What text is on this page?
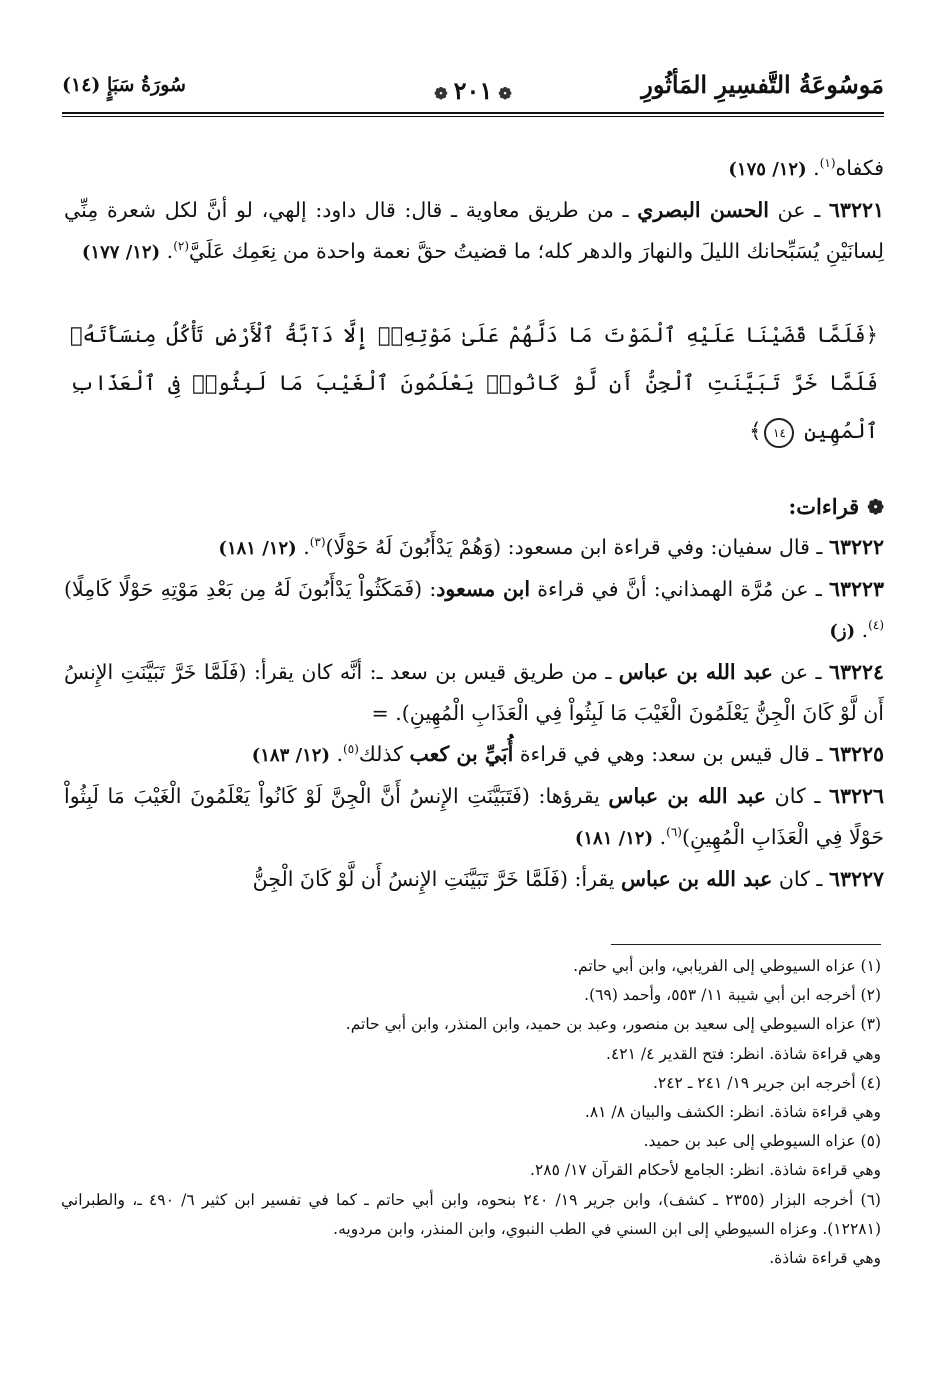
مَوسُوعَةُ التَّفسِيرِ المَأثُورِ
❁٢٠١❁
سُورَةُ سَبَإٍ (١٤)

فكفاه$^{(١)}$. (١٢/ ١٧٥)

٦٣٢٢١ ـ عن الحسن البصري ـ من طريق معاوية ـ قال: قال داود: إلهي، لو أنَّ لكل شعرة مِنِّي لِسانَيْنِ يُسَبِّحانك الليلَ والنهارَ والدهر كله؛ ما قضيتُ حقَّ نعمة واحدة من نِعَمِك عَلَيَّ$^{(٢)}$. (١٢/ ١٧٧)

﴿فَلَمَّا قَضَيْنَا عَلَيْهِ ٱلْمَوْتَ مَا دَلَّهُمْ عَلَىٰ مَوْتِهِۦٓ إِلَّا دَآبَّةُ ٱلْأَرْضِ تَأْكُلُ مِنسَأَتَهُۥ فَلَمَّا خَرَّ تَبَيَّنَتِ ٱلْجِنُّ أَن لَّوْ كَانُوا۟ يَعْلَمُونَ ٱلْغَيْبَ مَا لَبِثُوا۟ فِى ٱلْعَذَابِ ٱلْمُهِينِ ١٤﴾

❁قراءات:

٦٣٢٢٢ ـ قال سفيان: وفي قراءة ابن مسعود: (وَهُمْ يَدْأَبُونَ لَهُ حَوْلًا)$^{(٣)}$. (١٢/ ١٨١)

٦٣٢٢٣ ـ عن مُرَّة الهمذاني: أنَّ في قراءة ابن مسعود: (فَمَكَثُواْ يَدْأَبُونَ لَهُ مِن بَعْدِ مَوْتِهِ حَوْلًا كَامِلًا)$^{(٤)}$. (ز)

٦٣٢٢٤ ـ عن عبد الله بن عباس ـ من طريق قيس بن سعد ـ: أنَّه كان يقرأ: (فَلَمَّا خَرَّ تَبَيَّنَتِ الإِنسُ أَن لَّوْ كَانَ الْجِنُّ يَعْلَمُونَ الْغَيْبَ مَا لَبِثُواْ فِي الْعَذَابِ الْمُهِينِ). =

٦٣٢٢٥ ـ قال قيس بن سعد: وهي في قراءة أُبَيِّ بن كعب كذلك$^{(٥)}$. (١٢/ ١٨٣)

٦٣٢٢٦ ـ كان عبد الله بن عباس يقرؤها: (فَتَبَيَّنَتِ الإِنسُ أَنَّ الْجِنَّ لَوْ كَانُواْ يَعْلَمُونَ الْغَيْبَ مَا لَبِثُواْ حَوْلًا فِي الْعَذَابِ الْمُهِينِ)$^{(٦)}$. (١٢/ ١٨١)

٦٣٢٢٧ ـ كان عبد الله بن عباس يقرأ: (فَلَمَّا خَرَّ تَبَيَّنَتِ الإِنسُ أَن لَّوْ كَانَ الْجِنُّ

(١) عزاه السيوطي إلى الفريابي، وابن أبي حاتم.

(٢) أخرجه ابن أبي شيبة ١١/ ٥٥٣، وأحمد (٦٩).

(٣) عزاه السيوطي إلى سعيد بن منصور، وعبد بن حميد، وابن المنذر، وابن أبي حاتم.

وهي قراءة شاذة. انظر: فتح القدير ٤/ ٤٢١.

(٤) أخرجه ابن جرير ١٩/ ٢٤١ ـ ٢٤٢.

وهي قراءة شاذة. انظر: الكشف والبيان ٨/ ٨١.

(٥) عزاه السيوطي إلى عبد بن حميد.

وهي قراءة شاذة. انظر: الجامع لأحكام القرآن ١٧/ ٢٨٥.

(٦) أخرجه البزار (٢٣٥٥ ـ كشف)، وابن جرير ١٩/ ٢٤٠ بنحوه، وابن أبي حاتم ـ كما في تفسير ابن كثير ٦/ ٤٩٠ ـ، والطبراني (١٢٢٨١). وعزاه السيوطي إلى ابن السني في الطب النبوي، وابن المنذر، وابن مردويه.

وهي قراءة شاذة.
